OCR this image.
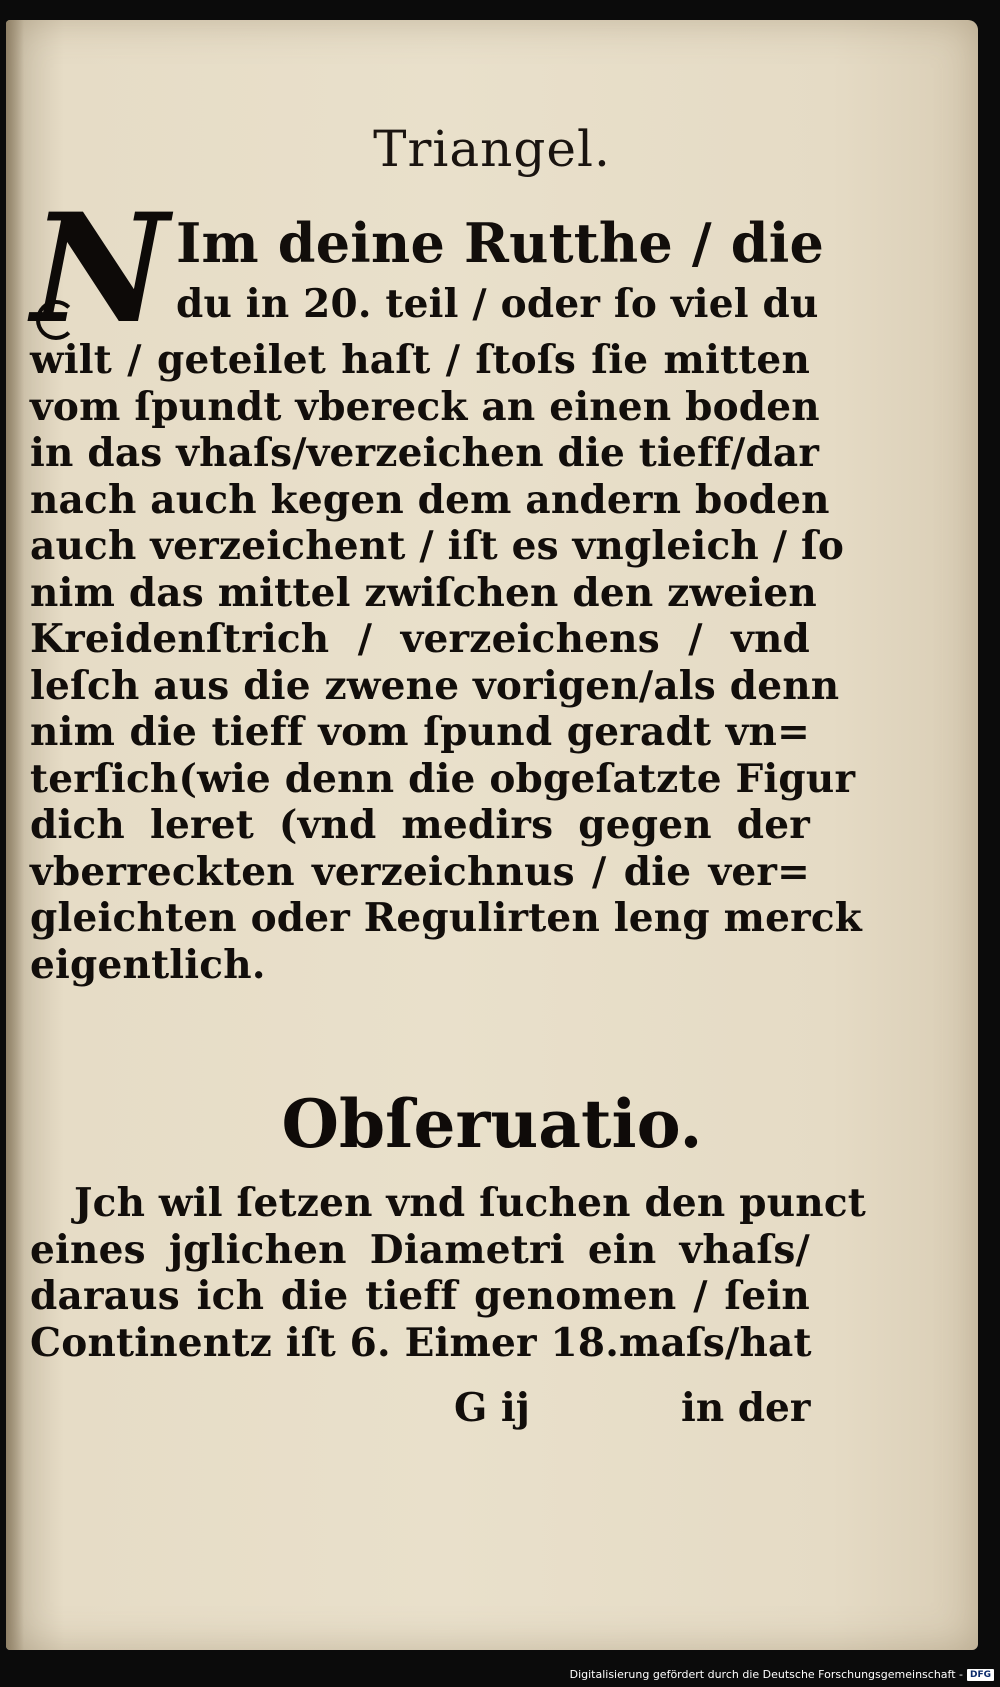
Triangel.
N Im deine Rutthe / die
du in 20. teil / oder ſo viel du
wilt / geteilet haſt / ſtoſs ſie mitten
vom ſpundt vbereck an einen boden
in das vhaſs/verzeichen die tieff/dar
nach auch kegen dem andern boden
auch verzeichent / iſt es vngleich / ſo
nim das mittel zwiſchen den zweien
Kreidenſtrich / verzeichens / vnd
leſch aus die zwene vorigen/als denn
nim die tieff vom ſpund geradt vn=
terſich(wie denn die obgeſatzte Figur
dich leret (vnd medirs gegen der
vberreckten verzeichnus / die ver=
gleichten oder Regulirten leng merck
eigentlich.
Obſeruatio.
Jch wil ſetzen vnd ſuchen den punct
eines jglichen Diametri ein vhaſs/
daraus ich die tieff genomen / ſein
Continentz iſt 6. Eimer 18.maſs/hat
G ij	in der
Digitalisierung gefördert durch die Deutsche Forschungsgemeinschaft - DFG
